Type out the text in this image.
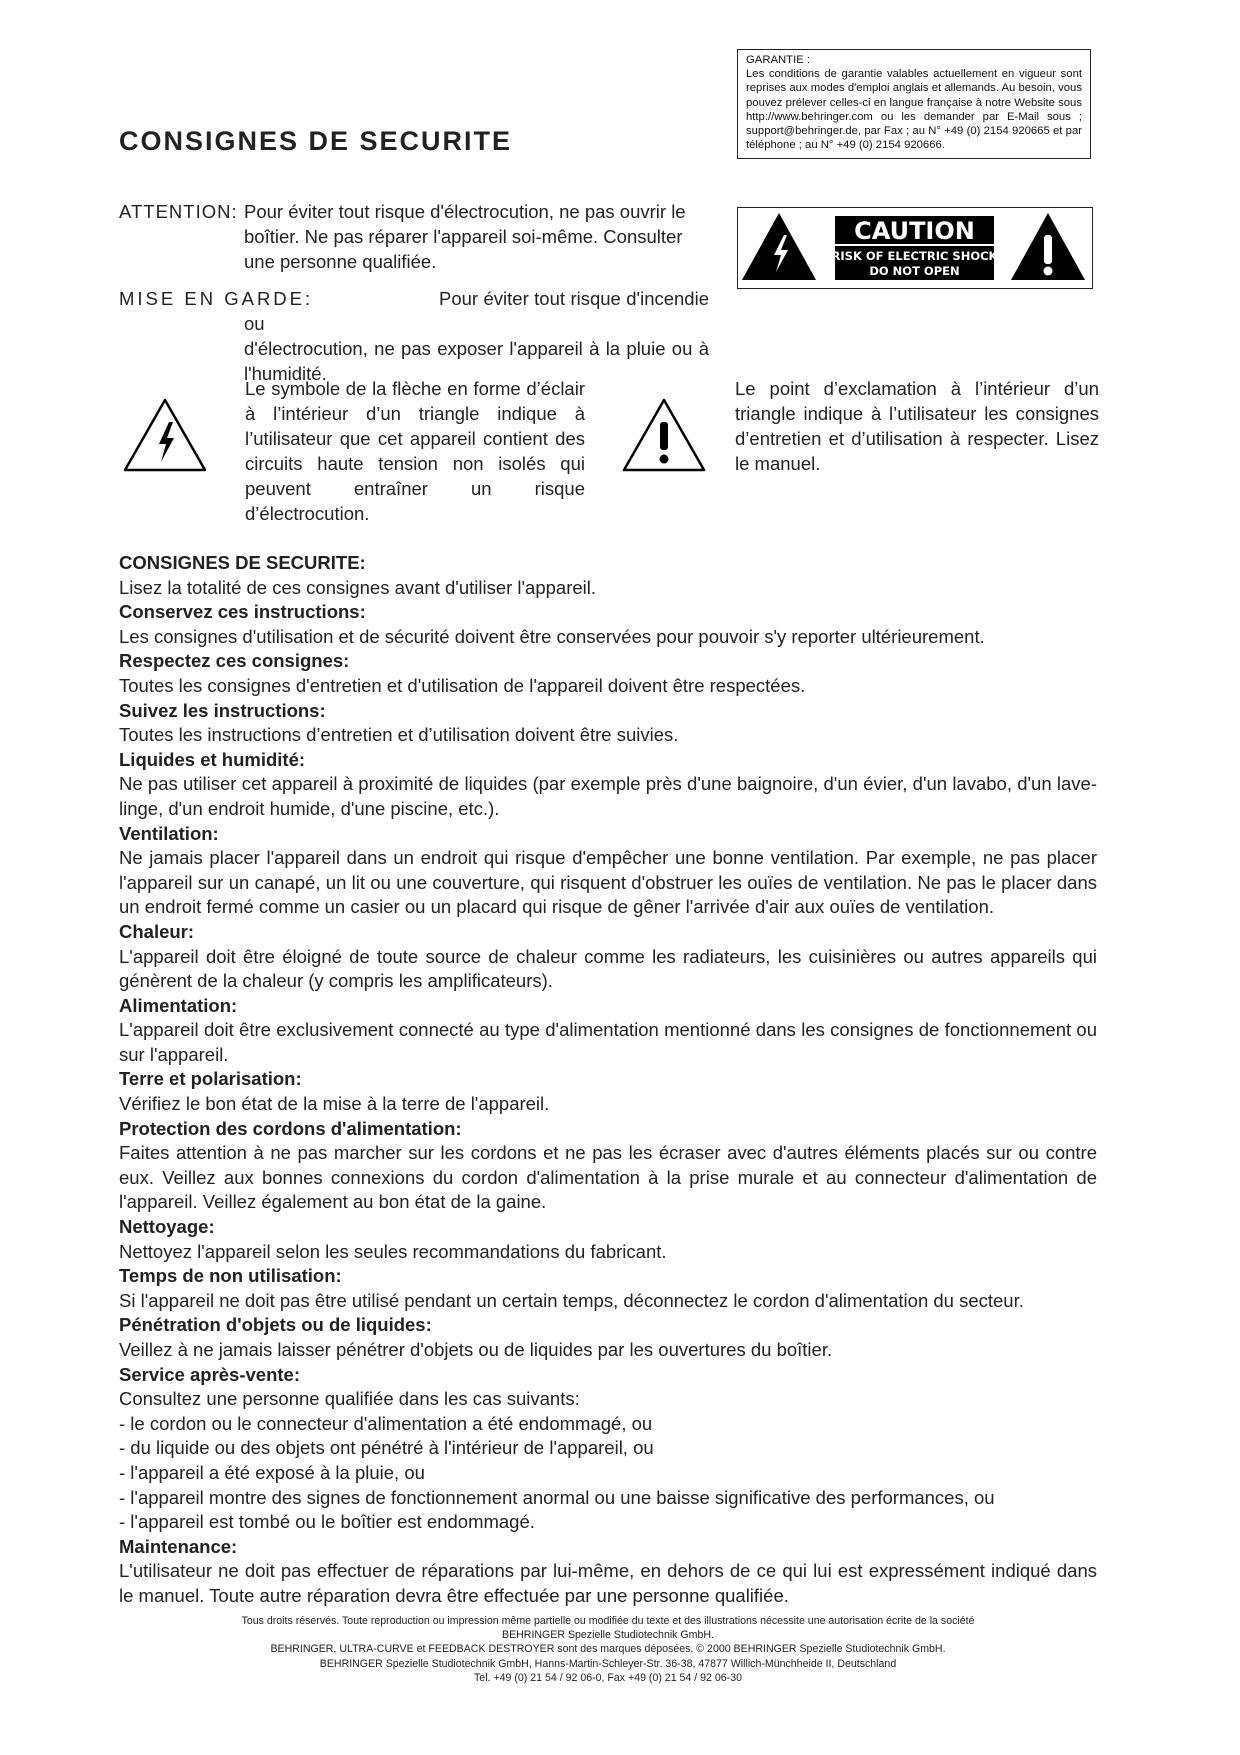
CONSIGNES DE SECURITE
GARANTIE :
Les conditions de garantie valables actuellement en vigueur sont reprises aux modes d'emploi anglais et allemands. Au besoin, vous pouvez prélever celles-ci en langue française à notre Website sous http://www.behringer.com ou les demander par E-Mail sous ; support@behringer.de, par Fax ; au N° +49 (0) 2154 920665 et par téléphone ; au N° +49 (0) 2154 920666.
CAUTION
RISK OF ELECTRIC SHOCK
DO NOT OPEN
ATTENTION: Pour éviter tout risque d'électrocution, ne pas ouvrir le boîtier. Ne pas réparer l'appareil soi-même. Consulter une personne qualifiée.
MISE EN GARDE:	Pour éviter tout risque d'incendie ou
d'électrocution, ne pas exposer l'appareil à la pluie ou à l'humidité.
Le symbole de la flèche en forme d’éclair à l’intérieur d’un triangle indique à l’utilisateur que cet appareil contient des circuits haute tension non isolés qui peuvent entraîner un risque d’électrocution.
Le point d’exclamation à l’intérieur d’un triangle indique à l’utilisateur les consignes d’entretien et d’utilisation à respecter. Lisez le manuel.
CONSIGNES DE SECURITE:
Lisez la totalité de ces consignes avant d'utiliser l'appareil.
Conservez ces instructions:
Les consignes d'utilisation et de sécurité doivent être conservées pour pouvoir s'y reporter ultérieurement.
Respectez ces consignes:
Toutes les consignes d'entretien et d'utilisation de l'appareil doivent être respectées.
Suivez les instructions:
Toutes les instructions d’entretien et d’utilisation doivent être suivies.
Liquides et humidité:
Ne pas utiliser cet appareil à proximité de liquides (par exemple près d'une baignoire, d'un évier, d'un lavabo, d'un lave-linge, d'un endroit humide, d'une piscine, etc.).
Ventilation:
Ne jamais placer l'appareil dans un endroit qui risque d'empêcher une bonne ventilation. Par exemple, ne pas placer l'appareil sur un canapé, un lit ou une couverture, qui risquent d'obstruer les ouïes de ventilation. Ne pas le placer dans un endroit fermé comme un casier ou un placard qui risque de gêner l'arrivée d'air aux ouïes de ventilation.
Chaleur:
L'appareil doit être éloigné de toute source de chaleur comme les radiateurs, les cuisinières ou autres appareils qui génèrent de la chaleur (y compris les amplificateurs).
Alimentation:
L'appareil doit être exclusivement connecté au type d'alimentation mentionné dans les consignes de fonctionnement ou sur l'appareil.
Terre et polarisation:
Vérifiez le bon état de la mise à la terre de l'appareil.
Protection des cordons d'alimentation:
Faites attention à ne pas marcher sur les cordons et ne pas les écraser avec d'autres éléments placés sur ou contre eux. Veillez aux bonnes connexions du cordon d'alimentation à la prise murale et au connecteur d'alimentation de l'appareil. Veillez également au bon état de la gaine.
Nettoyage:
Nettoyez l'appareil selon les seules recommandations du fabricant.
Temps de non utilisation:
Si l'appareil ne doit pas être utilisé pendant un certain temps, déconnectez le cordon d'alimentation du secteur.
Pénétration d'objets ou de liquides:
Veillez à ne jamais laisser pénétrer d'objets ou de liquides par les ouvertures du boîtier.
Service après-vente:
Consultez une personne qualifiée dans les cas suivants:
- le cordon ou le connecteur d'alimentation a été endommagé, ou
- du liquide ou des objets ont pénétré à l'intérieur de l'appareil, ou
- l'appareil a été exposé à la pluie, ou
- l'appareil montre des signes de fonctionnement anormal ou une baisse significative des performances, ou
- l'appareil est tombé ou le boîtier est endommagé.
Maintenance:
L'utilisateur ne doit pas effectuer de réparations par lui-même, en dehors de ce qui lui est expressément indiqué dans le manuel. Toute autre réparation devra être effectuée par une personne qualifiée.
Tous droits réservés. Toute reproduction ou impression même partielle ou modifiée du texte et des illustrations nécessite une autorisation écrite de la société
BEHRINGER Spezielle Studiotechnik GmbH.
BEHRINGER, ULTRA-CURVE et FEEDBACK DESTROYER sont des marques déposées. © 2000 BEHRINGER Spezielle Studiotechnik GmbH.
BEHRINGER Spezielle Studiotechnik GmbH, Hanns-Martin-Schleyer-Str. 36-38, 47877 Willich-Münchheide II, Deutschland
Tel. +49 (0) 21 54 / 92 06-0, Fax +49 (0) 21 54 / 92 06-30
